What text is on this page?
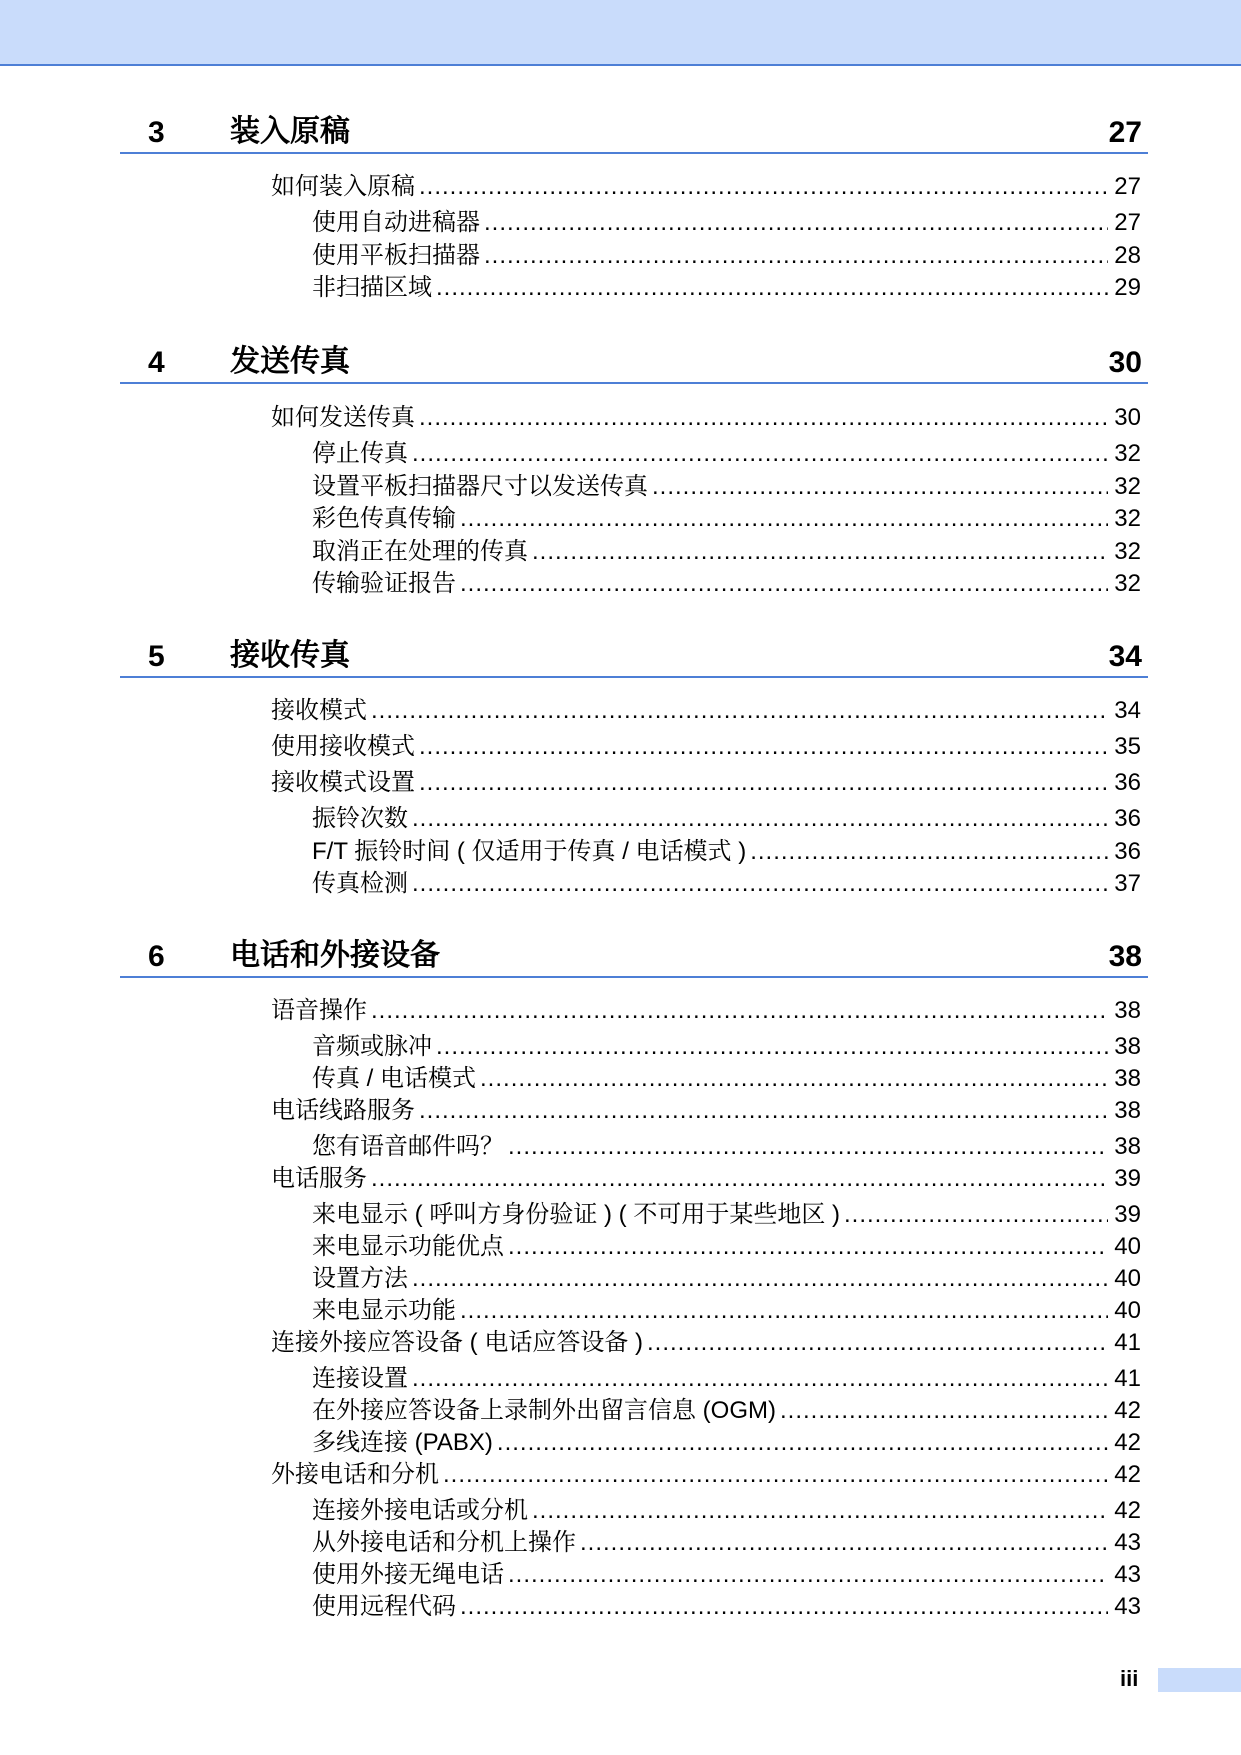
3 装入原稿	27
如何装入原稿 .....	27
使用自动进稿器 .....	27
使用平板扫描器 .....	28
非扫描区域 .....	29
4 发送传真	30
如何发送传真 .....	30
停止传真 .....	32
设置平板扫描器尺寸以发送传真 .....	32
彩色传真传输 .....	32
取消正在处理的传真 .....	32
传输验证报告 .....	32
5 接收传真	34
接收模式 .....	34
使用接收模式 .....	35
接收模式设置 .....	36
振铃次数 .....	36
F/T 振铃时间 ( 仅适用于传真 / 电话模式 ) .....	36
传真检测 .....	37
6 电话和外接设备	38
语音操作 .....	38
音频或脉冲 .....	38
传真 / 电话模式 .....	38
电话线路服务 .....	38
您有语音邮件吗？ .....	38
电话服务 .....	39
来电显示 ( 呼叫方身份验证 ) ( 不可用于某些地区 ) .....	39
来电显示功能优点 .....	40
设置方法 .....	40
来电显示功能 .....	40
连接外接应答设备 ( 电话应答设备 ) .....	41
连接设置 .....	41
在外接应答设备上录制外出留言信息 (OGM) .....	42
多线连接 (PABX) .....	42
外接电话和分机 .....	42
连接外接电话或分机 .....	42
从外接电话和分机上操作 .....	43
使用外接无绳电话 .....	43
使用远程代码 .....	43
iii
